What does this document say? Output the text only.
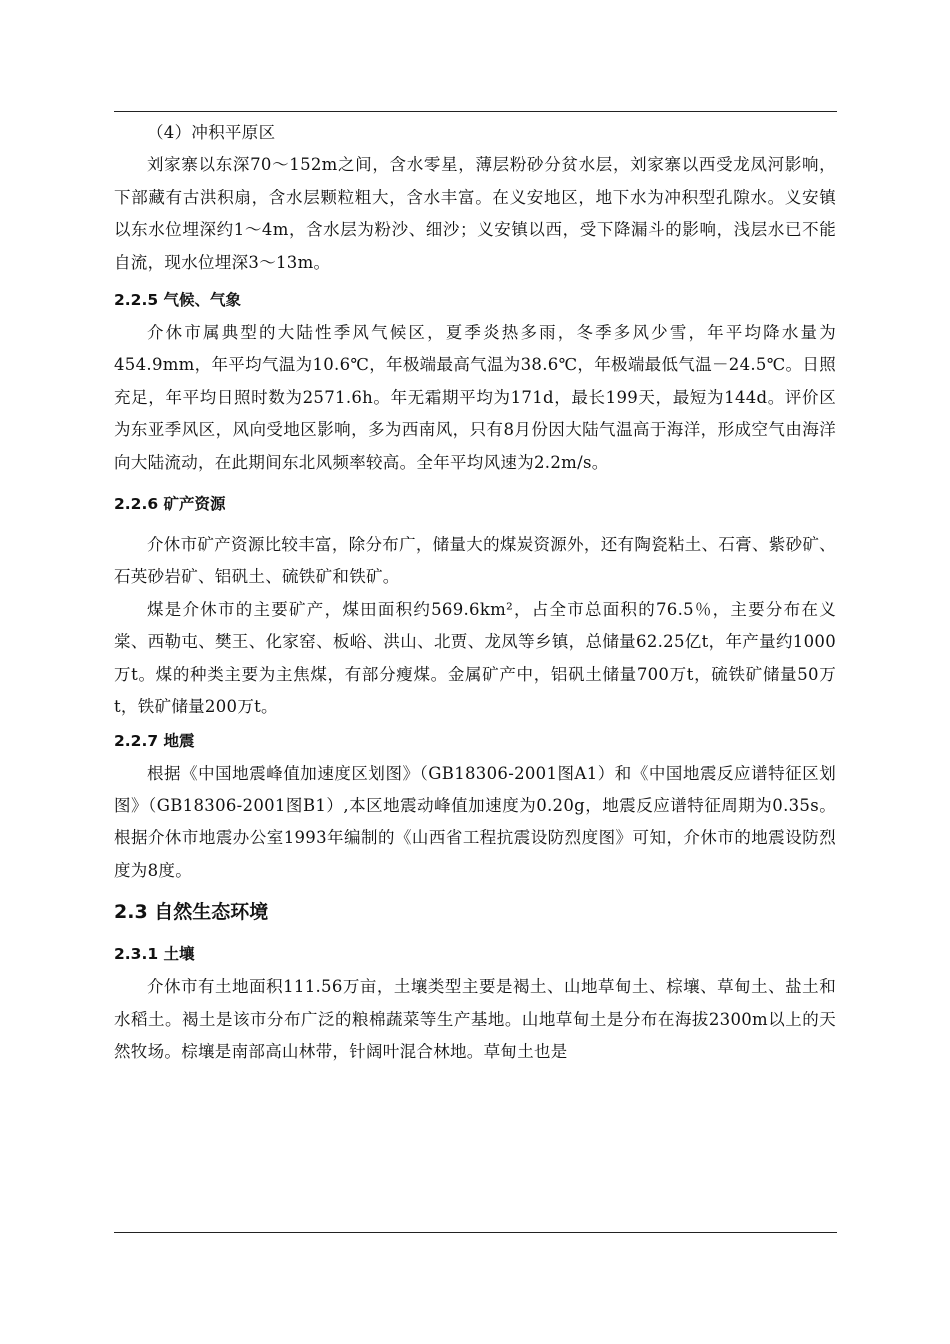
（4）冲积平原区

刘家寨以东深70～152m之间，含水零星，薄层粉砂分贫水层，刘家寨以西受龙凤河影响，下部藏有古洪积扇，含水层颗粒粗大，含水丰富。在义安地区，地下水为冲积型孔隙水。义安镇以东水位埋深约1～4m，含水层为粉沙、细沙；义安镇以西，受下降漏斗的影响，浅层水已不能自流，现水位埋深3～13m。

2.2.5 气候、气象

介休市属典型的大陆性季风气候区，夏季炎热多雨，冬季多风少雪，年平均降水量为454.9mm，年平均气温为10.6℃，年极端最高气温为38.6℃，年极端最低气温－24.5℃。日照充足，年平均日照时数为2571.6h。年无霜期平均为171d，最长199天，最短为144d。评价区为东亚季风区，风向受地区影响，多为西南风，只有8月份因大陆气温高于海洋，形成空气由海洋向大陆流动，在此期间东北风频率较高。全年平均风速为2.2m/s。

2.2.6 矿产资源

介休市矿产资源比较丰富，除分布广，储量大的煤炭资源外，还有陶瓷粘土、石膏、紫砂矿、石英砂岩矿、铝矾土、硫铁矿和铁矿。

煤是介休市的主要矿产，煤田面积约569.6km²，占全市总面积的76.5％，主要分布在义棠、西勒屯、樊王、化家窑、板峪、洪山、北贾、龙凤等乡镇，总储量62.25亿t，年产量约1000万t。煤的种类主要为主焦煤，有部分瘦煤。金属矿产中，铝矾土储量700万t，硫铁矿储量50万t，铁矿储量200万t。

2.2.7 地震

根据《中国地震峰值加速度区划图》（GB18306-2001图A1）和《中国地震反应谱特征区划图》（GB18306-2001图B1）,本区地震动峰值加速度为0.20g，地震反应谱特征周期为0.35s。根据介休市地震办公室1993年编制的《山西省工程抗震设防烈度图》可知，介休市的地震设防烈度为8度。

2.3 自然生态环境
2.3.1 土壤

介休市有土地面积111.56万亩，土壤类型主要是褐土、山地草甸土、棕壤、草甸土、盐土和水稻土。褐土是该市分布广泛的粮棉蔬菜等生产基地。山地草甸土是分布在海拔2300m以上的天然牧场。棕壤是南部高山林带，针阔叶混合林地。草甸土也是
